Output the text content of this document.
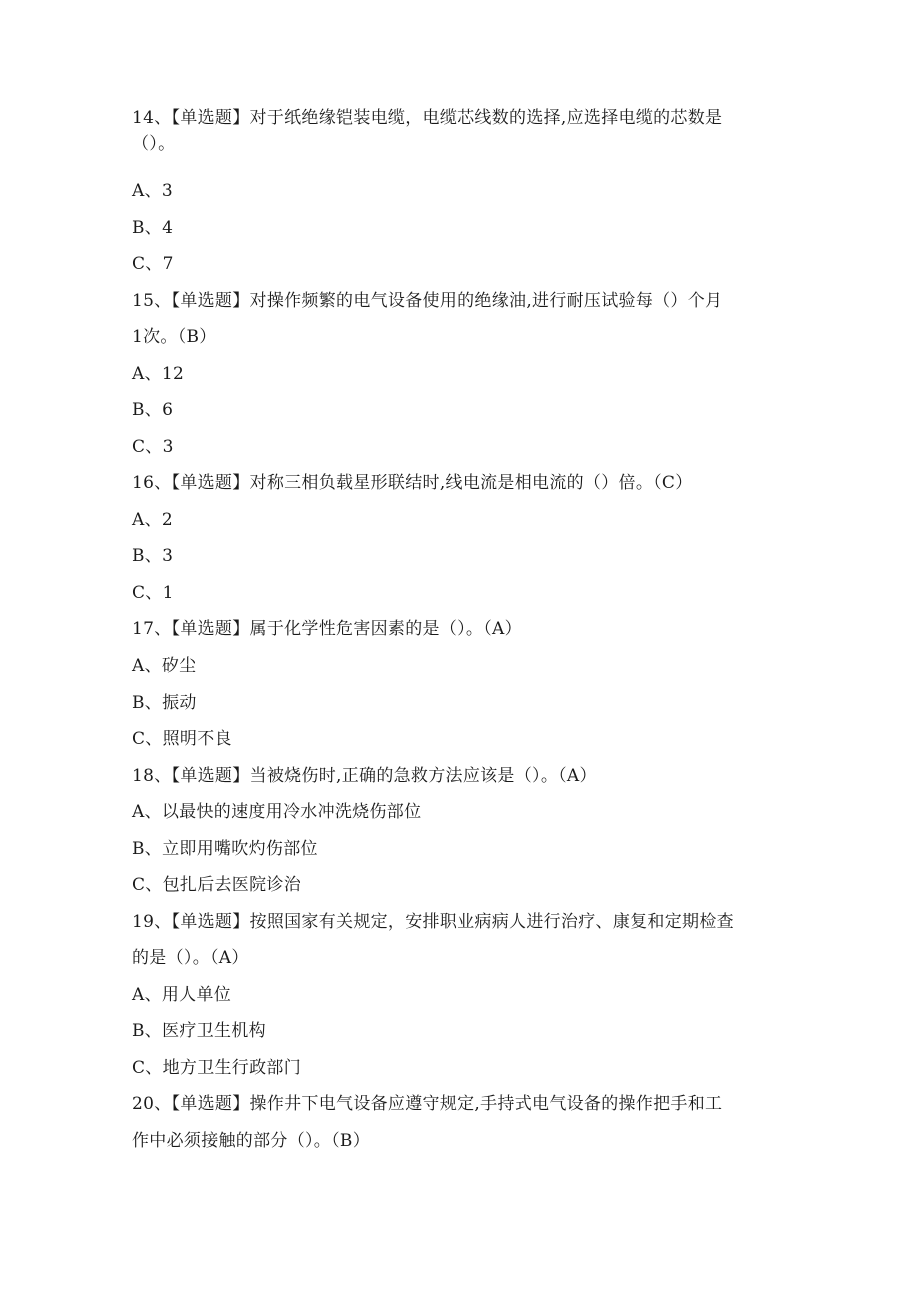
14、【单选题】对于纸绝缘铠装电缆，电缆芯线数的选择,应选择电缆的芯数是
（）。
A、3
B、4
C、7
15、【单选题】对操作频繁的电气设备使用的绝缘油,进行耐压试验每（）个月
1次。（B）
A、12
B、6
C、3
16、【单选题】对称三相负载星形联结时,线电流是相电流的（）倍。（C）
A、2
B、3
C、1
17、【单选题】属于化学性危害因素的是（）。（A）
A、矽尘
B、振动
C、照明不良
18、【单选题】当被烧伤时,正确的急救方法应该是（）。（A）
A、以最快的速度用冷水冲洗烧伤部位
B、立即用嘴吹灼伤部位
C、包扎后去医院诊治
19、【单选题】按照国家有关规定，安排职业病病人进行治疗、康复和定期检查
的是（）。（A）
A、用人单位
B、医疗卫生机构
C、地方卫生行政部门
20、【单选题】操作井下电气设备应遵守规定,手持式电气设备的操作把手和工
作中必须接触的部分（）。（B）
